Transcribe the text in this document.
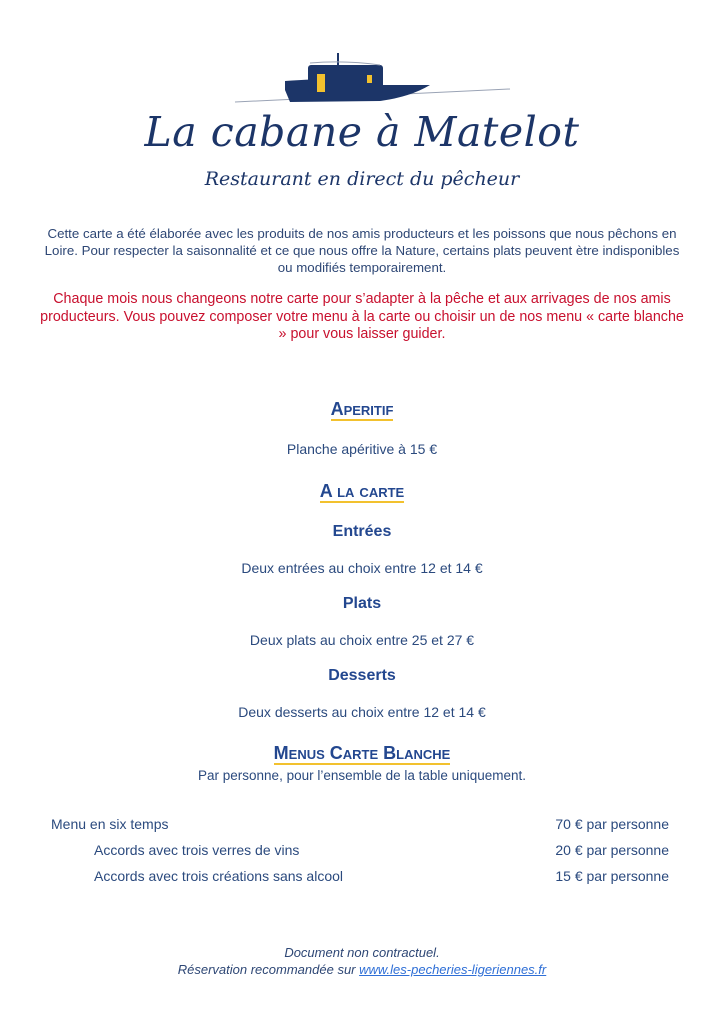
La cabane à Matelot
Restaurant en direct du pêcheur
Cette carte a été élaborée avec les produits de nos amis producteurs et les poissons que nous pêchons en Loire. Pour respecter la saisonnalité et ce que nous offre la Nature, certains plats peuvent ètre indisponibles ou modifiés temporairement.
Chaque mois nous changeons notre carte pour s’adapter à la pêche et aux arrivages de nos amis producteurs. Vous pouvez composer votre menu à la carte ou choisir un de nos menu « carte blanche » pour vous laisser guider.
Aperitif
Planche apéritive à 15 €
A la carte
Entrées
Deux entrées au choix entre 12 et 14 €
Plats
Deux plats au choix entre 25 et 27 €
Desserts
Deux desserts au choix entre 12 et 14 €
Menus Carte Blanche
Par personne, pour l’ensemble de la table uniquement.
Menu en six temps	70 € par personne
Accords avec trois verres de vins	20 € par personne
Accords avec trois créations sans alcool	15 € par personne
Document non contractuel.
Réservation recommandée sur www.les-pecheries-ligeriennes.fr
